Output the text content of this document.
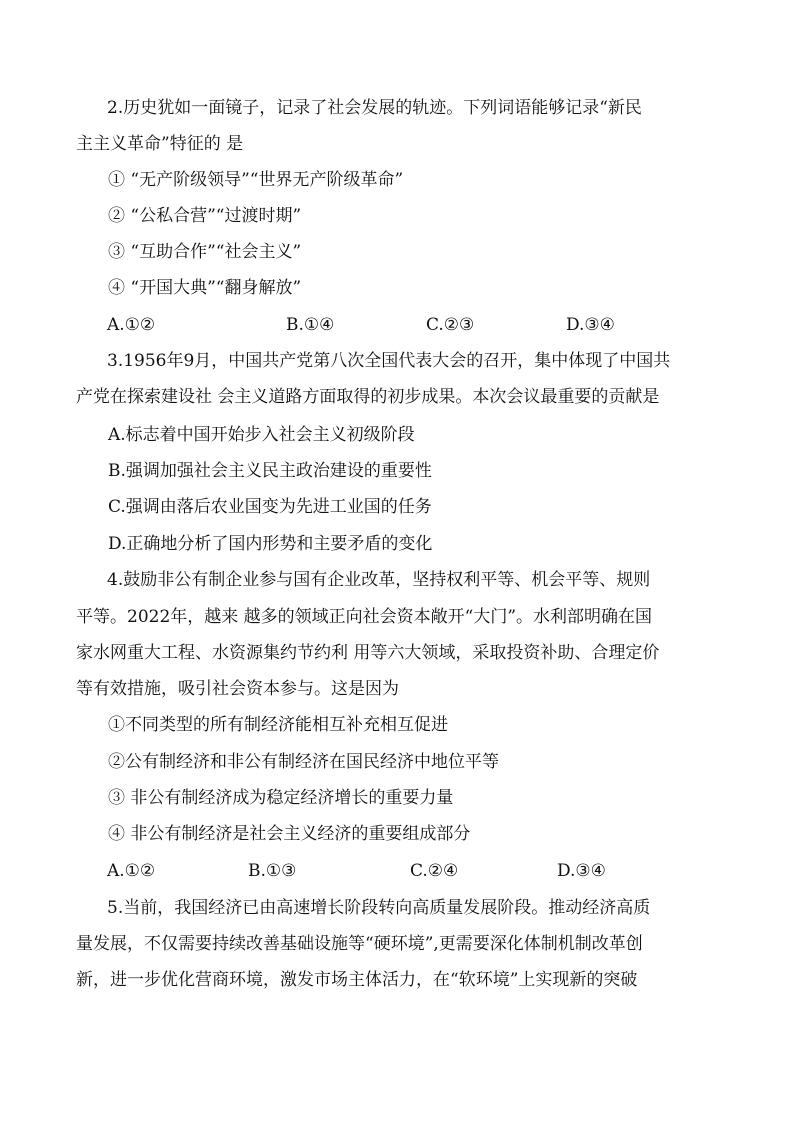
2.历史犹如一面镜子，记录了社会发展的轨迹。下列词语能够记录“新民
主主义革命”特征的 是
① “无产阶级领导”“世界无产阶级革命”
② “公私合营”“过渡时期”
③ “互助合作”“社会主义”
④ “开国大典”“翻身解放”
A.①②	B.①④	C.②③	D.③④
3.1956年9月，中国共产党第八次全国代表大会的召开，集中体现了中国共
产党在探索建设社 会主义道路方面取得的初步成果。本次会议最重要的贡献是
A.标志着中国开始步入社会主义初级阶段
B.强调加强社会主义民主政治建设的重要性
C.强调由落后农业国变为先进工业国的任务
D.正确地分析了国内形势和主要矛盾的变化
4.鼓励非公有制企业参与国有企业改革，坚持权利平等、机会平等、规则
平等。2022年，越来 越多的领域正向社会资本敞开“大门”。水利部明确在国
家水网重大工程、水资源集约节约利 用等六大领域，采取投资补助、合理定价
等有效措施，吸引社会资本参与。这是因为
①不同类型的所有制经济能相互补充相互促进
②公有制经济和非公有制经济在国民经济中地位平等
③ 非公有制经济成为稳定经济增长的重要力量
④ 非公有制经济是社会主义经济的重要组成部分
A.①②	B.①③	C.②④	D.③④
5.当前，我国经济已由高速增长阶段转向高质量发展阶段。推动经济高质
量发展，不仅需要持续改善基础设施等“硬环境”,更需要深化体制机制改革创
新，进一步优化营商环境，激发市场主体活力，在“软环境”上实现新的突破
